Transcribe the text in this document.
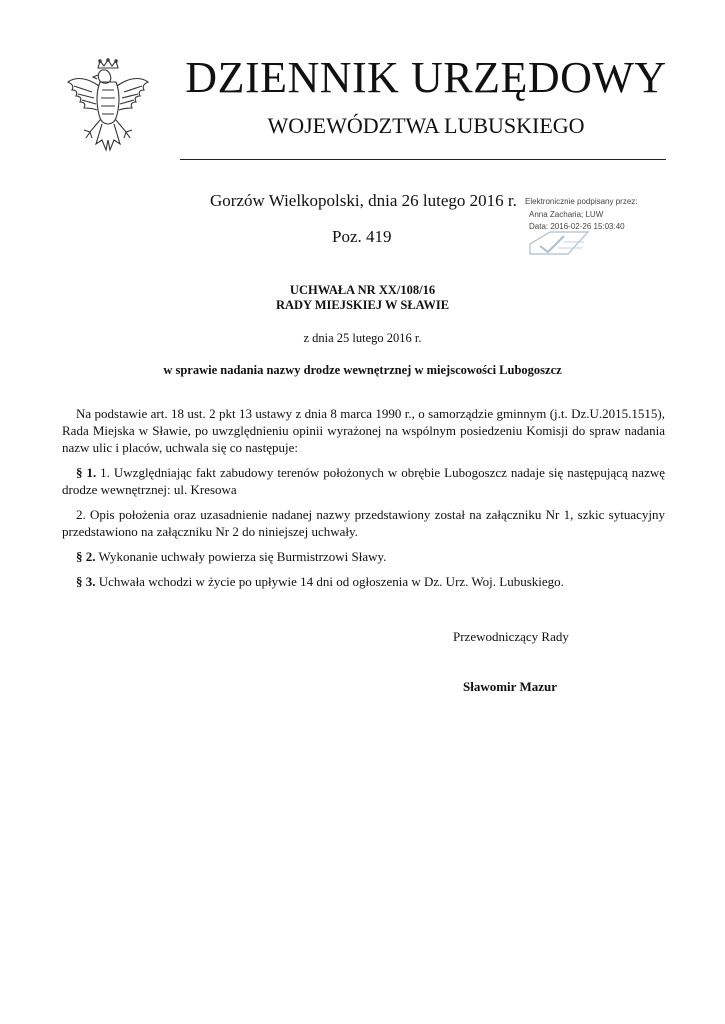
DZIENNIK URZĘDOWY
WOJEWÓDZTWA LUBUSKIEGO
Gorzów Wielkopolski, dnia 26 lutego 2016 r.
Poz. 419
Elektronicznie podpisany przez:
Anna Zacharia; LUW
Data: 2016-02-26 15:03:40
UCHWAŁA NR XX/108/16
RADY MIEJSKIEJ W SŁAWIE
z dnia 25 lutego 2016 r.
w sprawie nadania nazwy drodze wewnętrznej w miejscowości Lubogoszcz

Na podstawie art. 18 ust. 2 pkt 13 ustawy z dnia 8 marca 1990 r., o samorządzie gminnym (j.t. Dz.U.2015.1515), Rada Miejska w Sławie, po uwzględnieniu opinii wyrażonej na wspólnym posiedzeniu Komisji do spraw nadania nazw ulic i placów, uchwala się co następuje:

§ 1. 1. Uwzględniając fakt zabudowy terenów położonych w obrębie Lubogoszcz nadaje się następującą nazwę drodze wewnętrznej: ul. Kresowa

2. Opis położenia oraz uzasadnienie nadanej nazwy przedstawiony został na załączniku Nr 1, szkic sytuacyjny przedstawiono na załączniku Nr 2 do niniejszej uchwały.

§ 2. Wykonanie uchwały powierza się Burmistrzowi Sławy.

§ 3. Uchwała wchodzi w życie po upływie 14 dni od ogłoszenia w Dz. Urz. Woj. Lubuskiego.

Przewodniczący Rady
Sławomir Mazur
